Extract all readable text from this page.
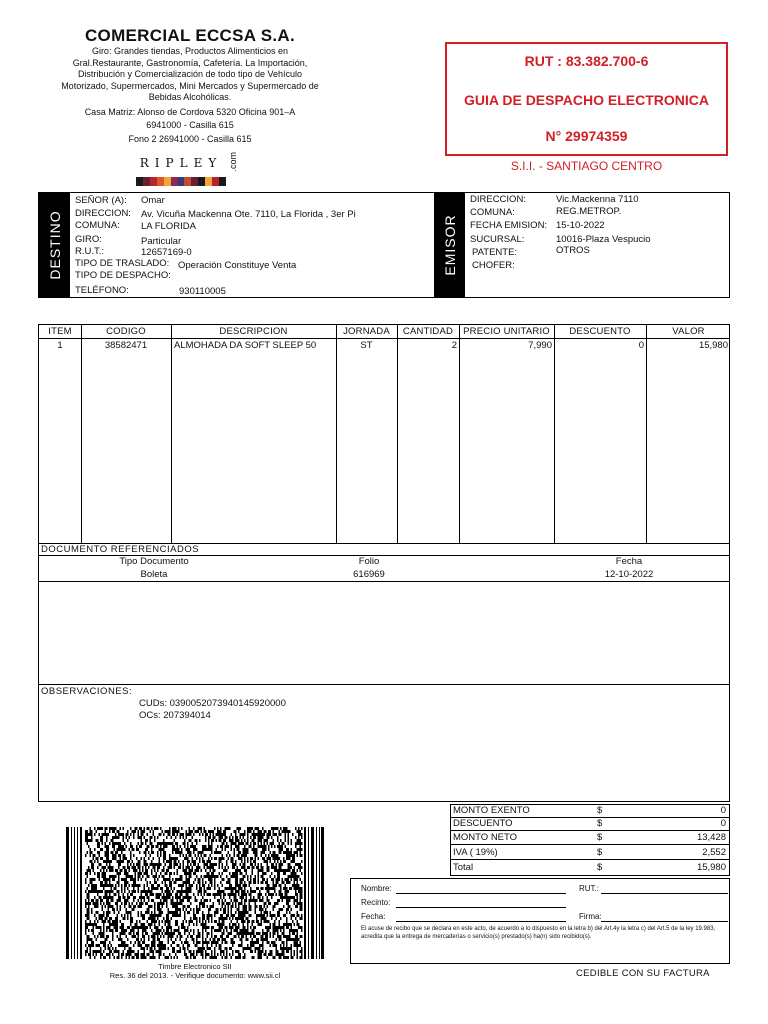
COMERCIAL ECCSA S.A.
Giro: Grandes tiendas, Productos Alimenticios en
Gral.Restaurante, Gastronomía, Cafetería. La Importación,
Distribución y Comercialización de todo tipo de Vehículo
Motorizado, Supermercados, Mini Mercados y Supermercado de
Bebidas Alcohólicas.
Casa Matriz: Alonso de Cordova 5320 Oficina 901–A
6941000 - Casilla 615
Fono 2 26941000 - Casilla 615
RIPLEY .com
RUT : 83.382.700-6
GUIA DE DESPACHO ELECTRONICA
N° 29974359
S.I.I. - SANTIAGO CENTRO
DESTINO	EMISOR
SEÑOR (A): Omar
DIRECCION: Av. Vicuña Mackenna Ote. 7110, La Florida , 3er Pi
COMUNA: LA FLORIDA
GIRO:	Particular
R.U.T.:	12657169-0
TIPO DE TRASLADO: Operación Constituye Venta
TIPO DE DESPACHO:
TELÉFONO:	930110005
DIRECCION:	Vic.Mackenna 7110
COMUNA:	REG.METROP.
FECHA EMISION: 15-10-2022
SUCURSAL:	10016-Plaza Vespucio
PATENTE:	OTROS
CHOFER:
ITEM	CODIGO	DESCRIPCION	JORNADA	CANTIDAD	PRECIO UNITARIO	DESCUENTO	VALOR
1	38582471	ALMOHADA DA SOFT SLEEP 50	ST	2	7,990	0	15,980
DOCUMENTO REFERENCIADOS
Tipo Documento	Folio	Fecha
Boleta	616969	12-10-2022
OBSERVACIONES:
CUDs: 0390052073940145920000
OCs: 207394014
MONTO EXENTO	$	0
DESCUENTO	$	0
MONTO NETO	$	13,428
IVA ( 19%)	$	2,552
Total	$	15,980
Timbre Electronico SII
Res. 36 del 2013. - Verifique documento: www.sii.cl
Nombre:	RUT.:
Recinto:
Fecha:	Firma:
El acuse de recibo que se declara en este acto, de acuerdo a lo dispuesto en la letra b) del Art.4y la letra c) del Art.5 de la ley 19.983, acredita que la entrega de mercaderías o servicio(s) prestado(s) ha(n) sido recibido(s).
CEDIBLE CON SU FACTURA
